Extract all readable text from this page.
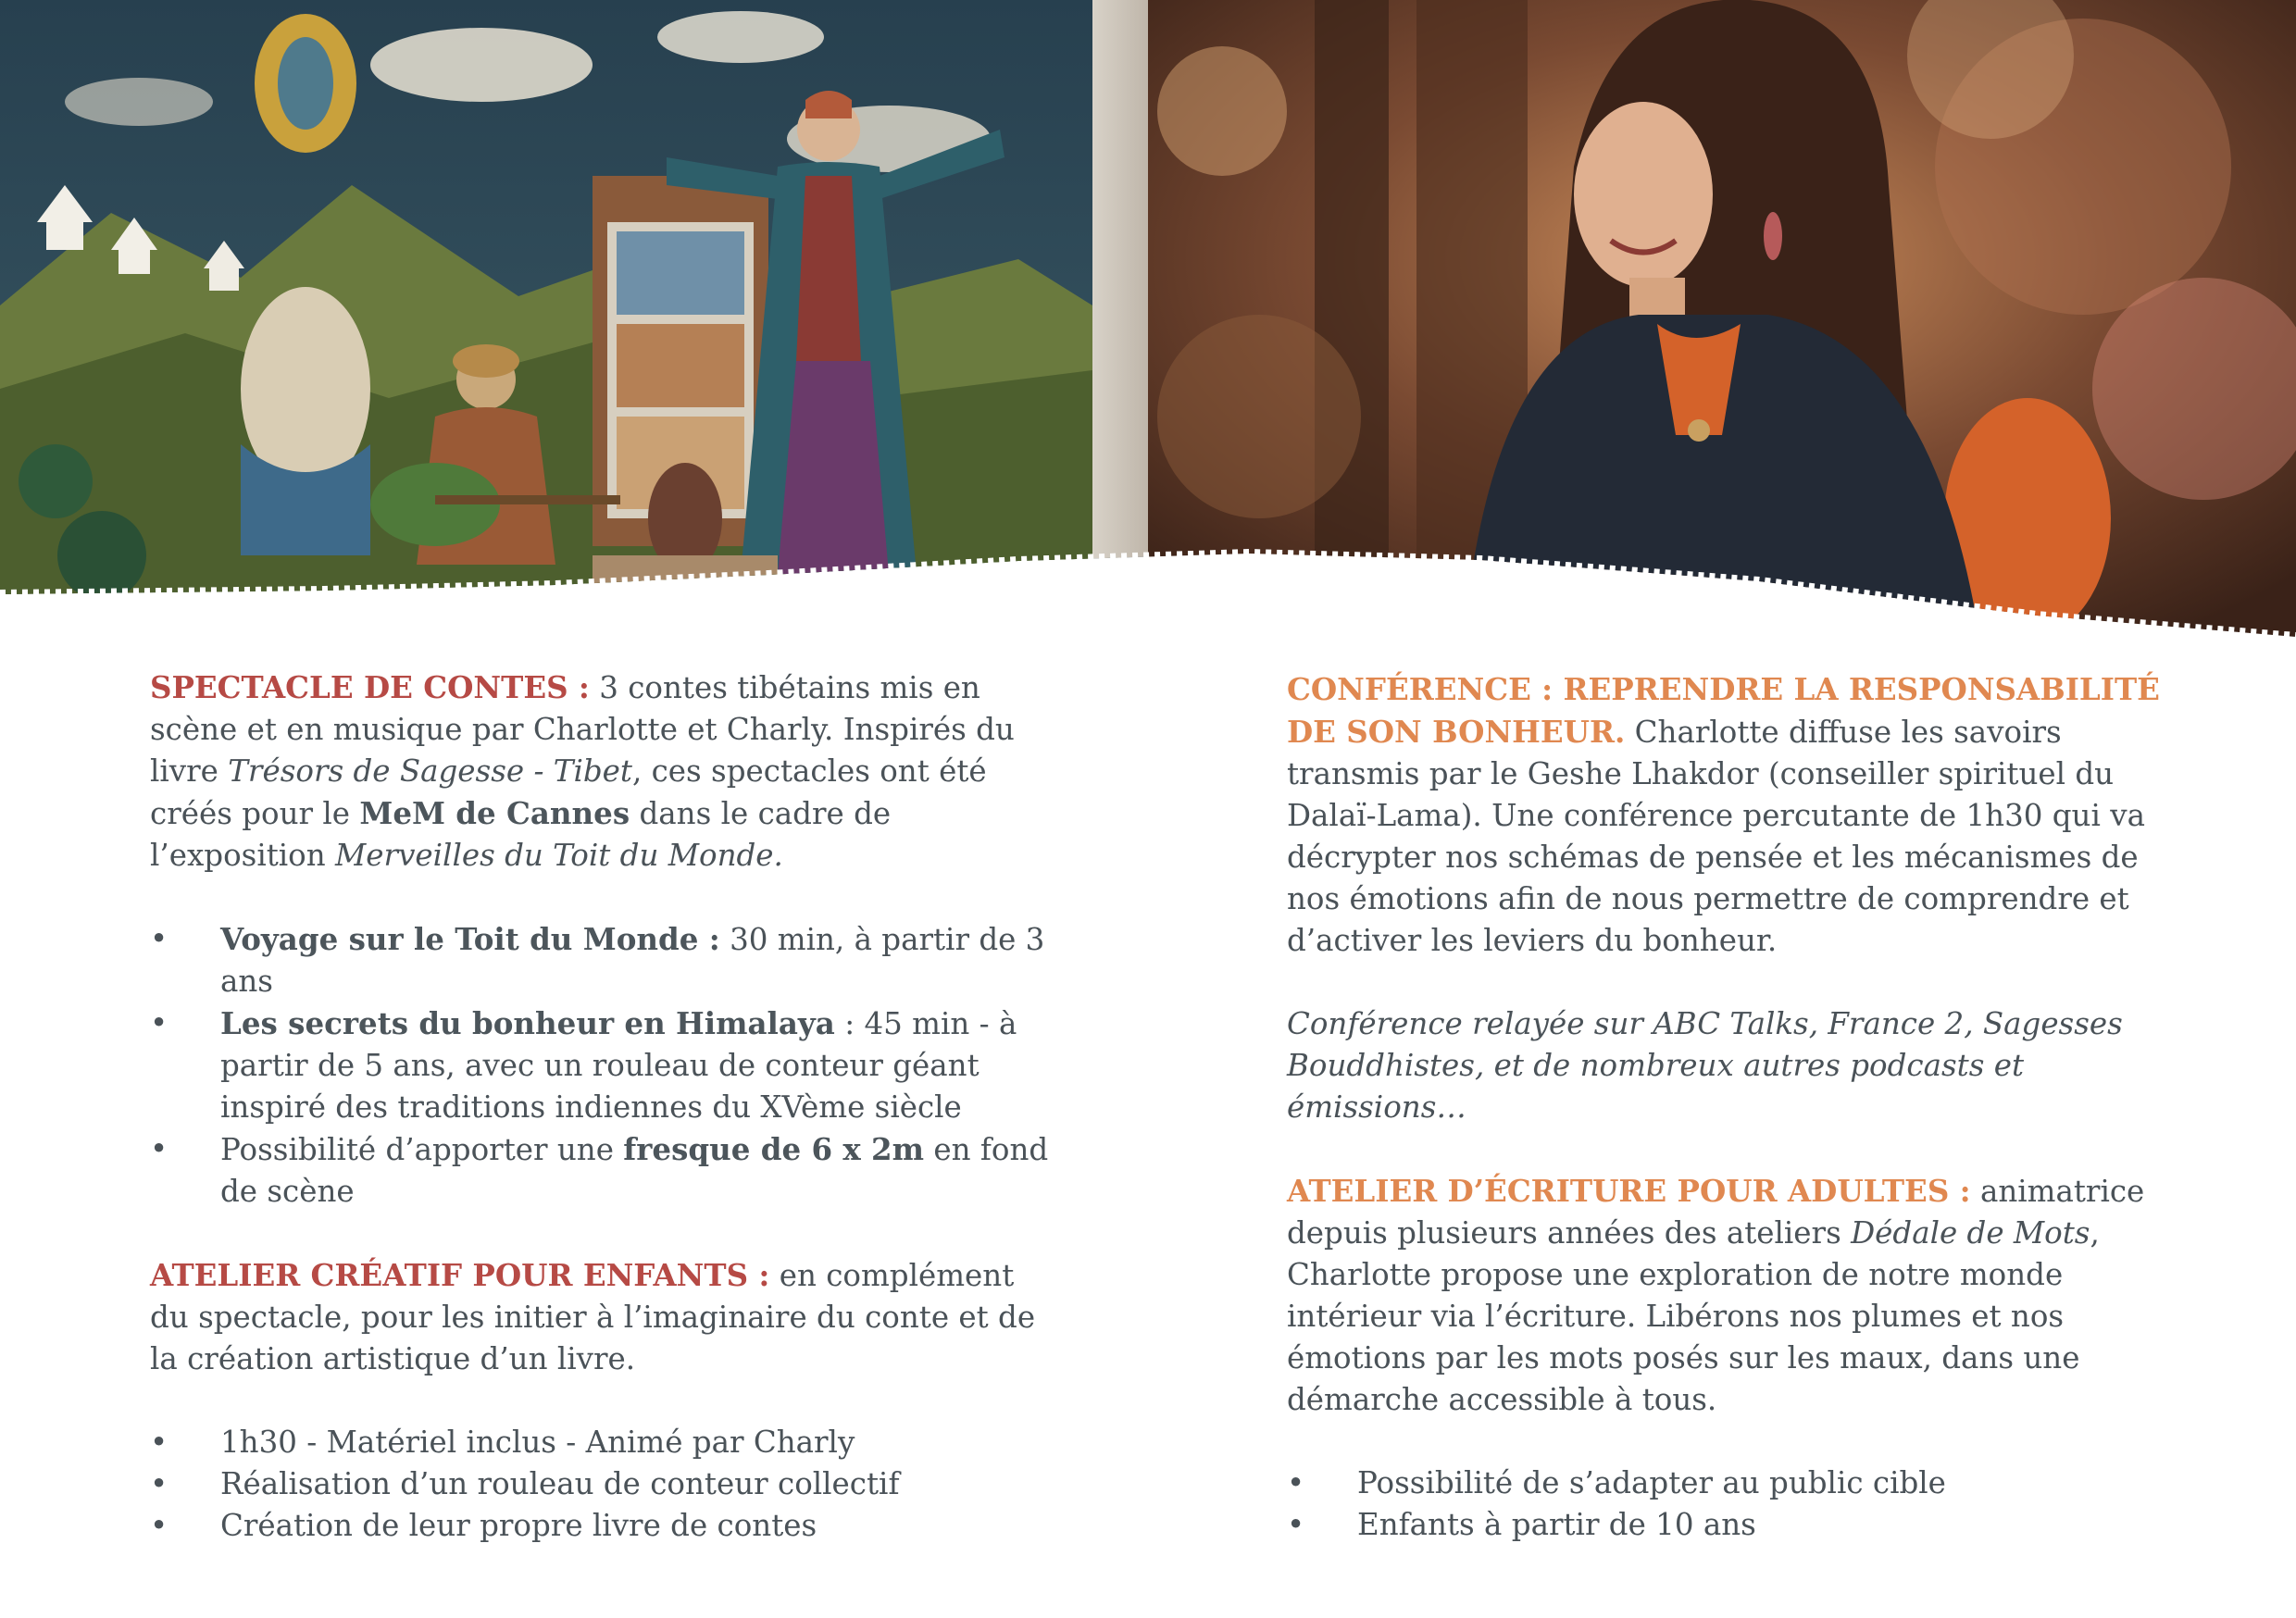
SPECTACLE DE CONTES : 3 contes tibétains mis en scène et en musique par Charlotte et Charly. Inspirés du livre Trésors de Sagesse - Tibet, ces spectacles ont été créés pour le MeM de Cannes dans le cadre de l’exposition Merveilles du Toit du Monde.

• Voyage sur le Toit du Monde : 30 min, à partir de 3 ans
• Les secrets du bonheur en Himalaya : 45 min - à partir de 5 ans, avec un rouleau de conteur géant inspiré des traditions indiennes du XVème siècle
• Possibilité d’apporter une fresque de 6 x 2m en fond de scène

ATELIER CRÉATIF POUR ENFANTS : en complément du spectacle, pour les initier à l’imaginaire du conte et de la création artistique d’un livre.

• 1h30 - Matériel inclus - Animé par Charly
• Réalisation d’un rouleau de conteur collectif
• Création de leur propre livre de contes

CONFÉRENCE : REPRENDRE LA RESPONSABILITÉ DE SON BONHEUR. Charlotte diffuse les savoirs transmis par le Geshe Lhakdor (conseiller spirituel du Dalaï-Lama). Une conférence percutante de 1h30 qui va décrypter nos schémas de pensée et les mécanismes de nos émotions afin de nous permettre de comprendre et d’activer les leviers du bonheur.

Conférence relayée sur ABC Talks, France 2, Sagesses Bouddhistes, et de nombreux autres podcasts et émissions…

ATELIER D’ÉCRITURE POUR ADULTES : animatrice depuis plusieurs années des ateliers Dédale de Mots, Charlotte propose une exploration de notre monde intérieur via l’écriture. Libérons nos plumes et nos émotions par les mots posés sur les maux, dans une démarche accessible à tous.

• Possibilité de s’adapter au public cible
• Enfants à partir de 10 ans
